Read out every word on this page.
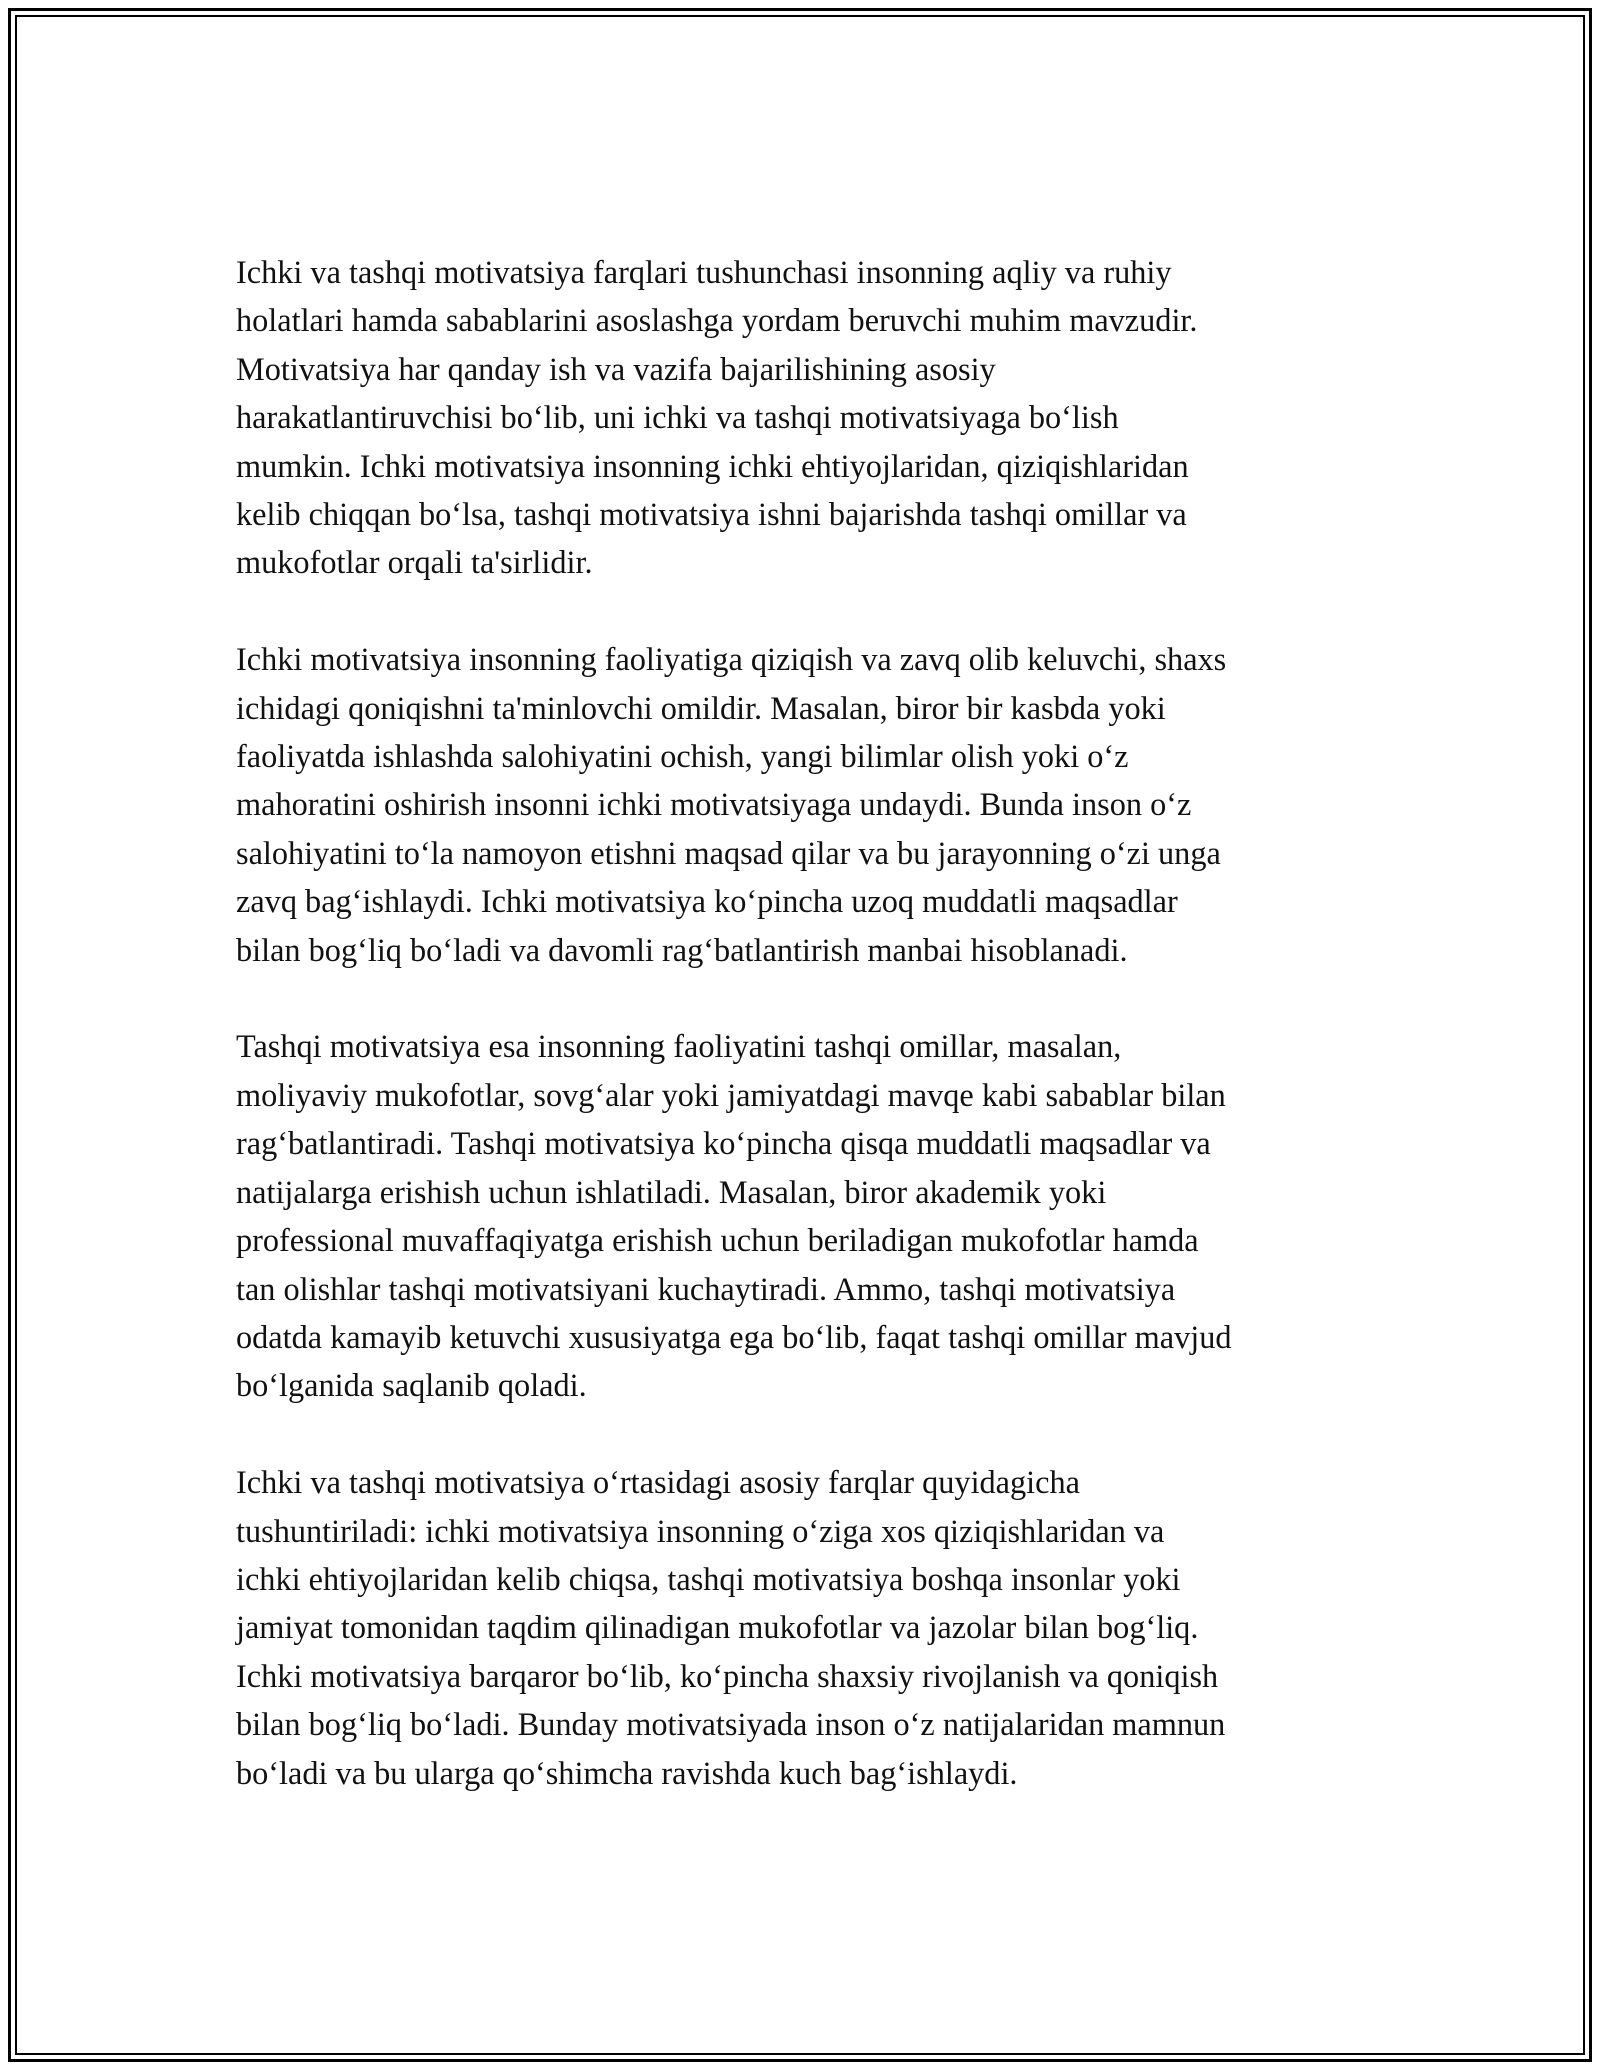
Ichki va tashqi motivatsiya farqlari tushunchasi insonning aqliy va ruhiy
holatlari hamda sabablarini asoslashga yordam beruvchi muhim mavzudir.
Motivatsiya har qanday ish va vazifa bajarilishining asosiy
harakatlantiruvchisi bo‘lib, uni ichki va tashqi motivatsiyaga bo‘lish
mumkin. Ichki motivatsiya insonning ichki ehtiyojlaridan, qiziqishlaridan
kelib chiqqan bo‘lsa, tashqi motivatsiya ishni bajarishda tashqi omillar va
mukofotlar orqali ta'sirlidir.

Ichki motivatsiya insonning faoliyatiga qiziqish va zavq olib keluvchi, shaxs
ichidagi qoniqishni ta'minlovchi omildir. Masalan, biror bir kasbda yoki
faoliyatda ishlashda salohiyatini ochish, yangi bilimlar olish yoki o‘z
mahoratini oshirish insonni ichki motivatsiyaga undaydi. Bunda inson o‘z
salohiyatini to‘la namoyon etishni maqsad qilar va bu jarayonning o‘zi unga
zavq bag‘ishlaydi. Ichki motivatsiya ko‘pincha uzoq muddatli maqsadlar
bilan bog‘liq bo‘ladi va davomli rag‘batlantirish manbai hisoblanadi.

Tashqi motivatsiya esa insonning faoliyatini tashqi omillar, masalan,
moliyaviy mukofotlar, sovg‘alar yoki jamiyatdagi mavqe kabi sabablar bilan
rag‘batlantiradi. Tashqi motivatsiya ko‘pincha qisqa muddatli maqsadlar va
natijalarga erishish uchun ishlatiladi. Masalan, biror akademik yoki
professional muvaffaqiyatga erishish uchun beriladigan mukofotlar hamda
tan olishlar tashqi motivatsiyani kuchaytiradi. Ammo, tashqi motivatsiya
odatda kamayib ketuvchi xususiyatga ega bo‘lib, faqat tashqi omillar mavjud
bo‘lganida saqlanib qoladi.

Ichki va tashqi motivatsiya o‘rtasidagi asosiy farqlar quyidagicha
tushuntiriladi: ichki motivatsiya insonning o‘ziga xos qiziqishlaridan va
ichki ehtiyojlaridan kelib chiqsa, tashqi motivatsiya boshqa insonlar yoki
jamiyat tomonidan taqdim qilinadigan mukofotlar va jazolar bilan bog‘liq.
Ichki motivatsiya barqaror bo‘lib, ko‘pincha shaxsiy rivojlanish va qoniqish
bilan bog‘liq bo‘ladi. Bunday motivatsiyada inson o‘z natijalaridan mamnun
bo‘ladi va bu ularga qo‘shimcha ravishda kuch bag‘ishlaydi.
